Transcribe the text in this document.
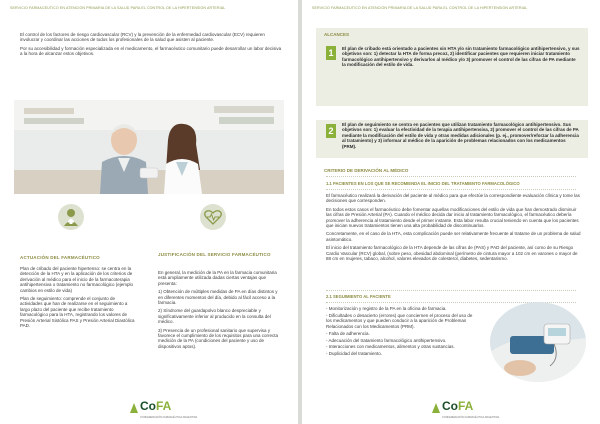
SERVICIO FARMACÉUTICO EN ATENCIÓN PRIMARIA DE LA SALUD PARA EL CONTROL DE LA HIPERTENSIÓN ARTERIAL

El control de los factores de riesgo cardiovascular (RCV) y la prevención de la enfermedad cardiovascular (ECV) requieren involucrar y coordinar las acciones de todos los profesionales de la salud que asisten al paciente.

Por su accesibilidad y formación especializada en el medicamento, el farmacéutico comunitario puede desarrollar un labor decisiva a la hora de alcanzar estos objetivos.

ACTUACIÓN DEL FARMACÉUTICO

Plan de cribado del paciente hipertenso: se centra en la detección de la HTA y en la aplicación de los criterios de derivación al médico para el inicio de la farmacoterapia antihipertensiva o tratamiento no farmacológico (ejemplo cambios en estilo de vida)

Plan de seguimiento: comprende el conjunto de actividades que han de realizarse en el seguimiento a largo plazo del paciente que recibe tratamiento farmacológico para la HTA, registrando los valores de Presión Arterial Sistólica PAS y Presión Arterial Diastólica PAD.

JUSTIFICACIÓN DEL SERVICIO FARMACÉUTICO

En general, la medición de la PA en la farmacia comunitaria está ampliamente utilizada dadas ciertas ventajas que presenta:

1) Obtención de múltiples medidas de PA en días distintos y en diferentes momentos del día, debido al fácil acceso a la farmacia.

2) Síndrome del guardapolvo blanco despreciable y significativamente inferior al producido en la consulta del médico.

3) Presencia de un profesional sanitario que supervisa y favorece el cumplimiento de los requisitos para una correcta medición de la PA (condiciones del paciente y uso de dispositivos aptos).

CoFA
CONFEDERACIÓN FARMACÉUTICA ARGENTINA
SERVICIO FARMACÉUTICO EN ATENCIÓN PRIMARIA DE LA SALUD PARA EL CONTROL DE LA HIPERTENSIÓN ARTERIAL
ALCANCES
1	El plan de cribado está orientado a pacientes sin HTA y/o sin tratamiento farmacológico antihipertensivo, y sus objetivos son: 1) detectar la HTA de forma precoz, 2) identificar pacientes que requieren iniciar tratamiento farmacológico antihipertensivo y derivarlos al médico y/o 3) promover el control de las cifras de PA mediante la modificación del estilo de vida.
2
El plan de seguimiento se centra en pacientes que utilizan tratamiento farmacológico antihipertensivo. Sus objetivos son: 1) evaluar la efectividad de la terapia antihipertensiva, 2) promover el control de las cifras de PA mediante la modificación del estilo de vida y otras medidas adicionales (p. ej., promover/reforzar la adherencia al tratamiento) y 3) informar al médico de la aparición de problemas relacionados con los medicamentos (PRM).
CRITERIO DE DERIVACIÓN AL MÉDICO
1.1 PACIENTES EN LOS QUE SE RECOMIENDA EL INICIO DEL TRATAMIENTO FARMACOLÓGICO

El farmacéutico realizará la derivación del paciente al médico para que efectúe la correspondiente evaluación clínica y tome las decisiones que corresponden.

En todos estos casos el farmacéutico debe fomentar aquellas modificaciones del estilo de vida que han demostrado disminuir las cifras de Presión Arterial (PA). Cuando el médico decida dar inicio al tratamiento farmacológico, el farmacéutico debería promover la adherencia al tratamiento desde el primer instante. Esta labor resulta crucial teniendo en cuenta que los pacientes que inician nuevos tratamientos tienen una alta probabilidad de discontinuarlos.

Concretamente, en el caso de la HTA, esta complicación puede ser relativamente frecuente al tratarse de un problema de salud asintomático.

El inicio del tratamiento farmacológico de la HTA depende de las cifras de (PAS) y PAD del paciente, así como de su Riesgo Cardio Vascular (RCV) global, (sobre peso, obesidad abdominal (perímetro de cintura mayor a 102 cm en varones o mayor de 88 cm en mujeres, tabaco, alcohol, valores elevados de colesterol, diabetes, sedentarismo.

2.1 SEGUIMIENTO AL PACIENTE
- Monitorización y registro de la PA en la oficina de farmacia.
- Dificultades o desacierto (errores) que conciernen el proceso del uso de los medicamentos y que pueden conducir a la aparición de Problemas Relacionados con los Medicamentos (PRM).
- Falta de adherencia.
- Adecuación del tratamiento farmacológico antihipertensivo.
- Interacciones con medicamentos, alimentos y otras sustancias.
- Duplicidad del tratamiento.
CoFA
CONFEDERACIÓN FARMACÉUTICA ARGENTINA
